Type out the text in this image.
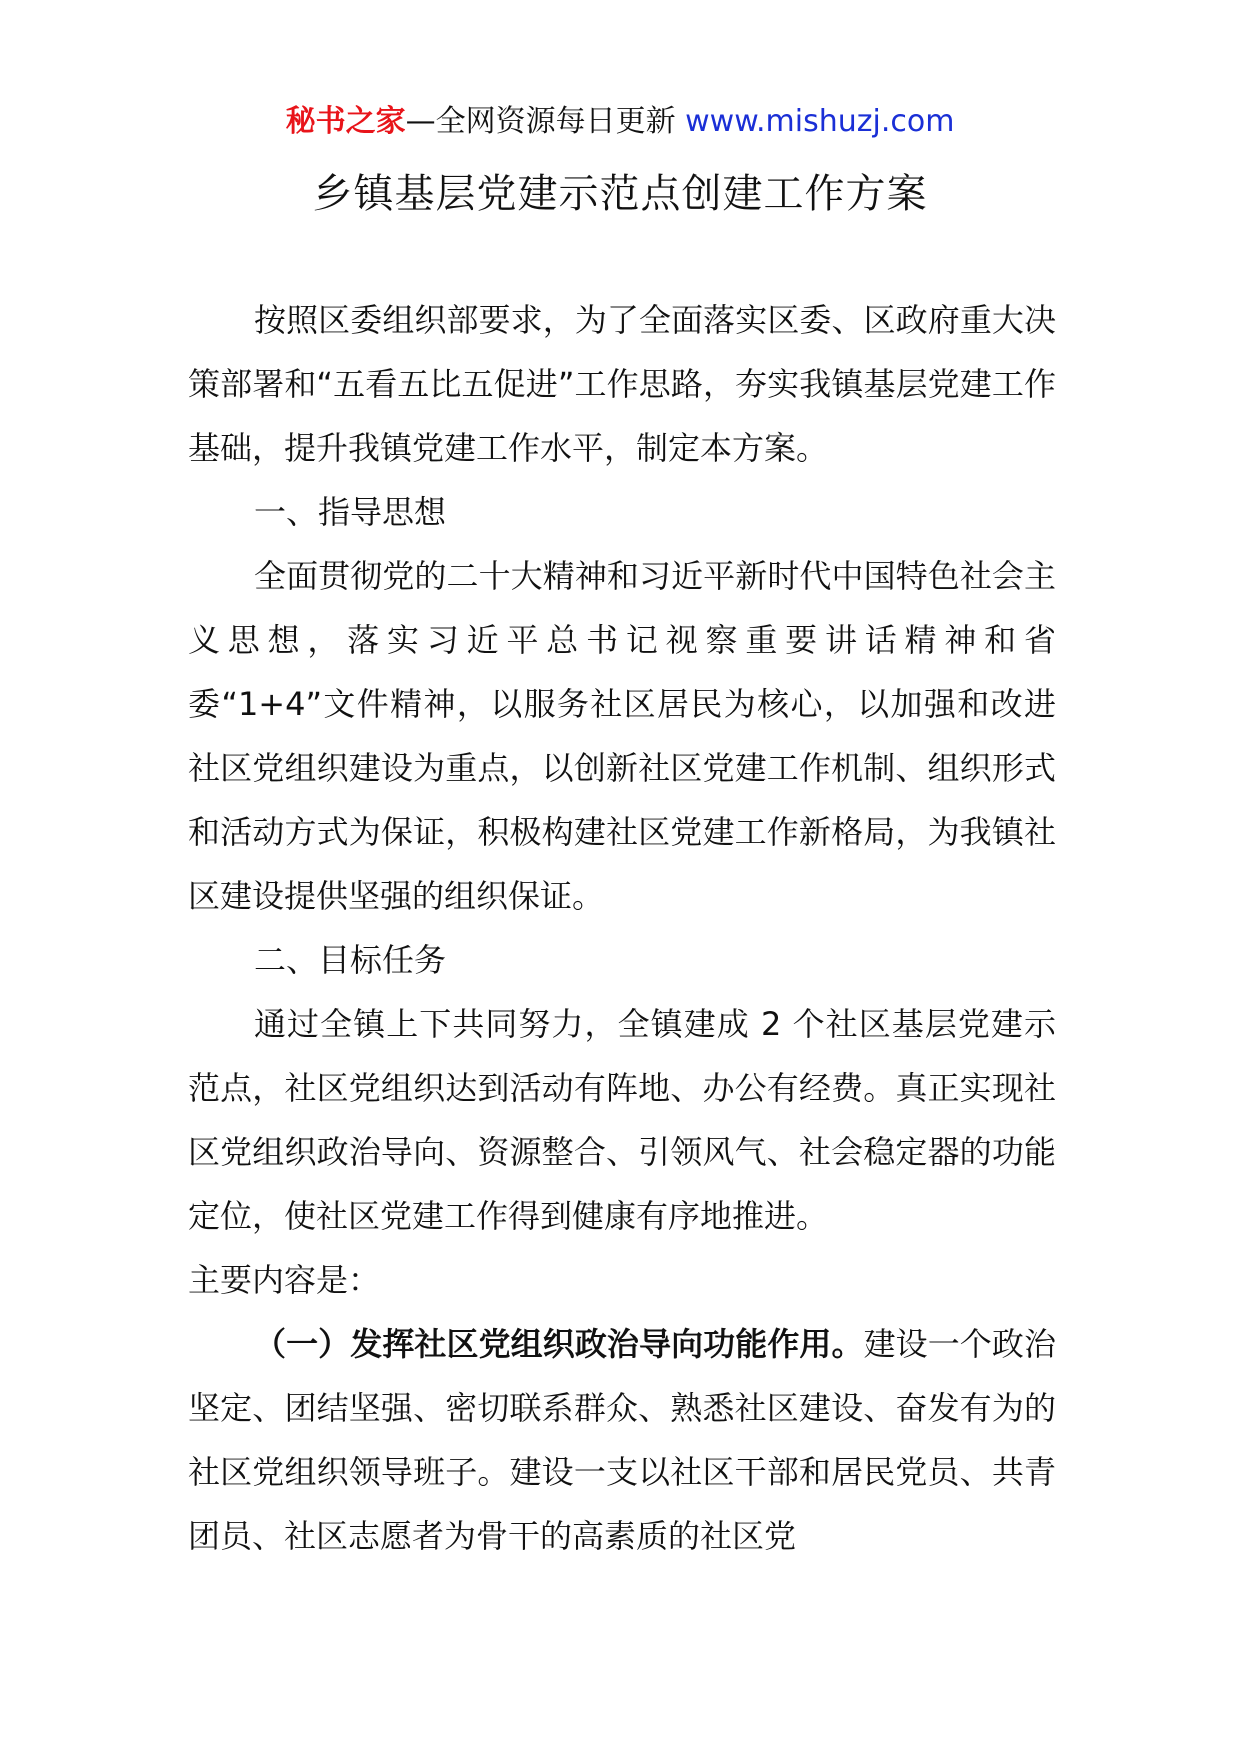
秘书之家—全网资源每日更新 www.mishuzj.com
乡镇基层党建示范点创建工作方案

按照区委组织部要求，为了全面落实区委、区政府重大决策部署和“五看五比五促进”工作思路，夯实我镇基层党建工作基础，提升我镇党建工作水平，制定本方案。

一、指导思想

全面贯彻党的二十大精神和习近平新时代中国特色社会主义思想，落实习近平总书记视察重要讲话精神和省委“1+4”文件精神，以服务社区居民为核心，以加强和改进社区党组织建设为重点，以创新社区党建工作机制、组织形式和活动方式为保证，积极构建社区党建工作新格局，为我镇社区建设提供坚强的组织保证。

二、目标任务

通过全镇上下共同努力，全镇建成 2 个社区基层党建示范点，社区党组织达到活动有阵地、办公有经费。真正实现社区党组织政治导向、资源整合、引领风气、社会稳定器的功能定位，使社区党建工作得到健康有序地推进。

主要内容是：

（一）发挥社区党组织政治导向功能作用。建设一个政治坚定、团结坚强、密切联系群众、熟悉社区建设、奋发有为的社区党组织领导班子。建设一支以社区干部和居民党员、共青团员、社区志愿者为骨干的高素质的社区党
